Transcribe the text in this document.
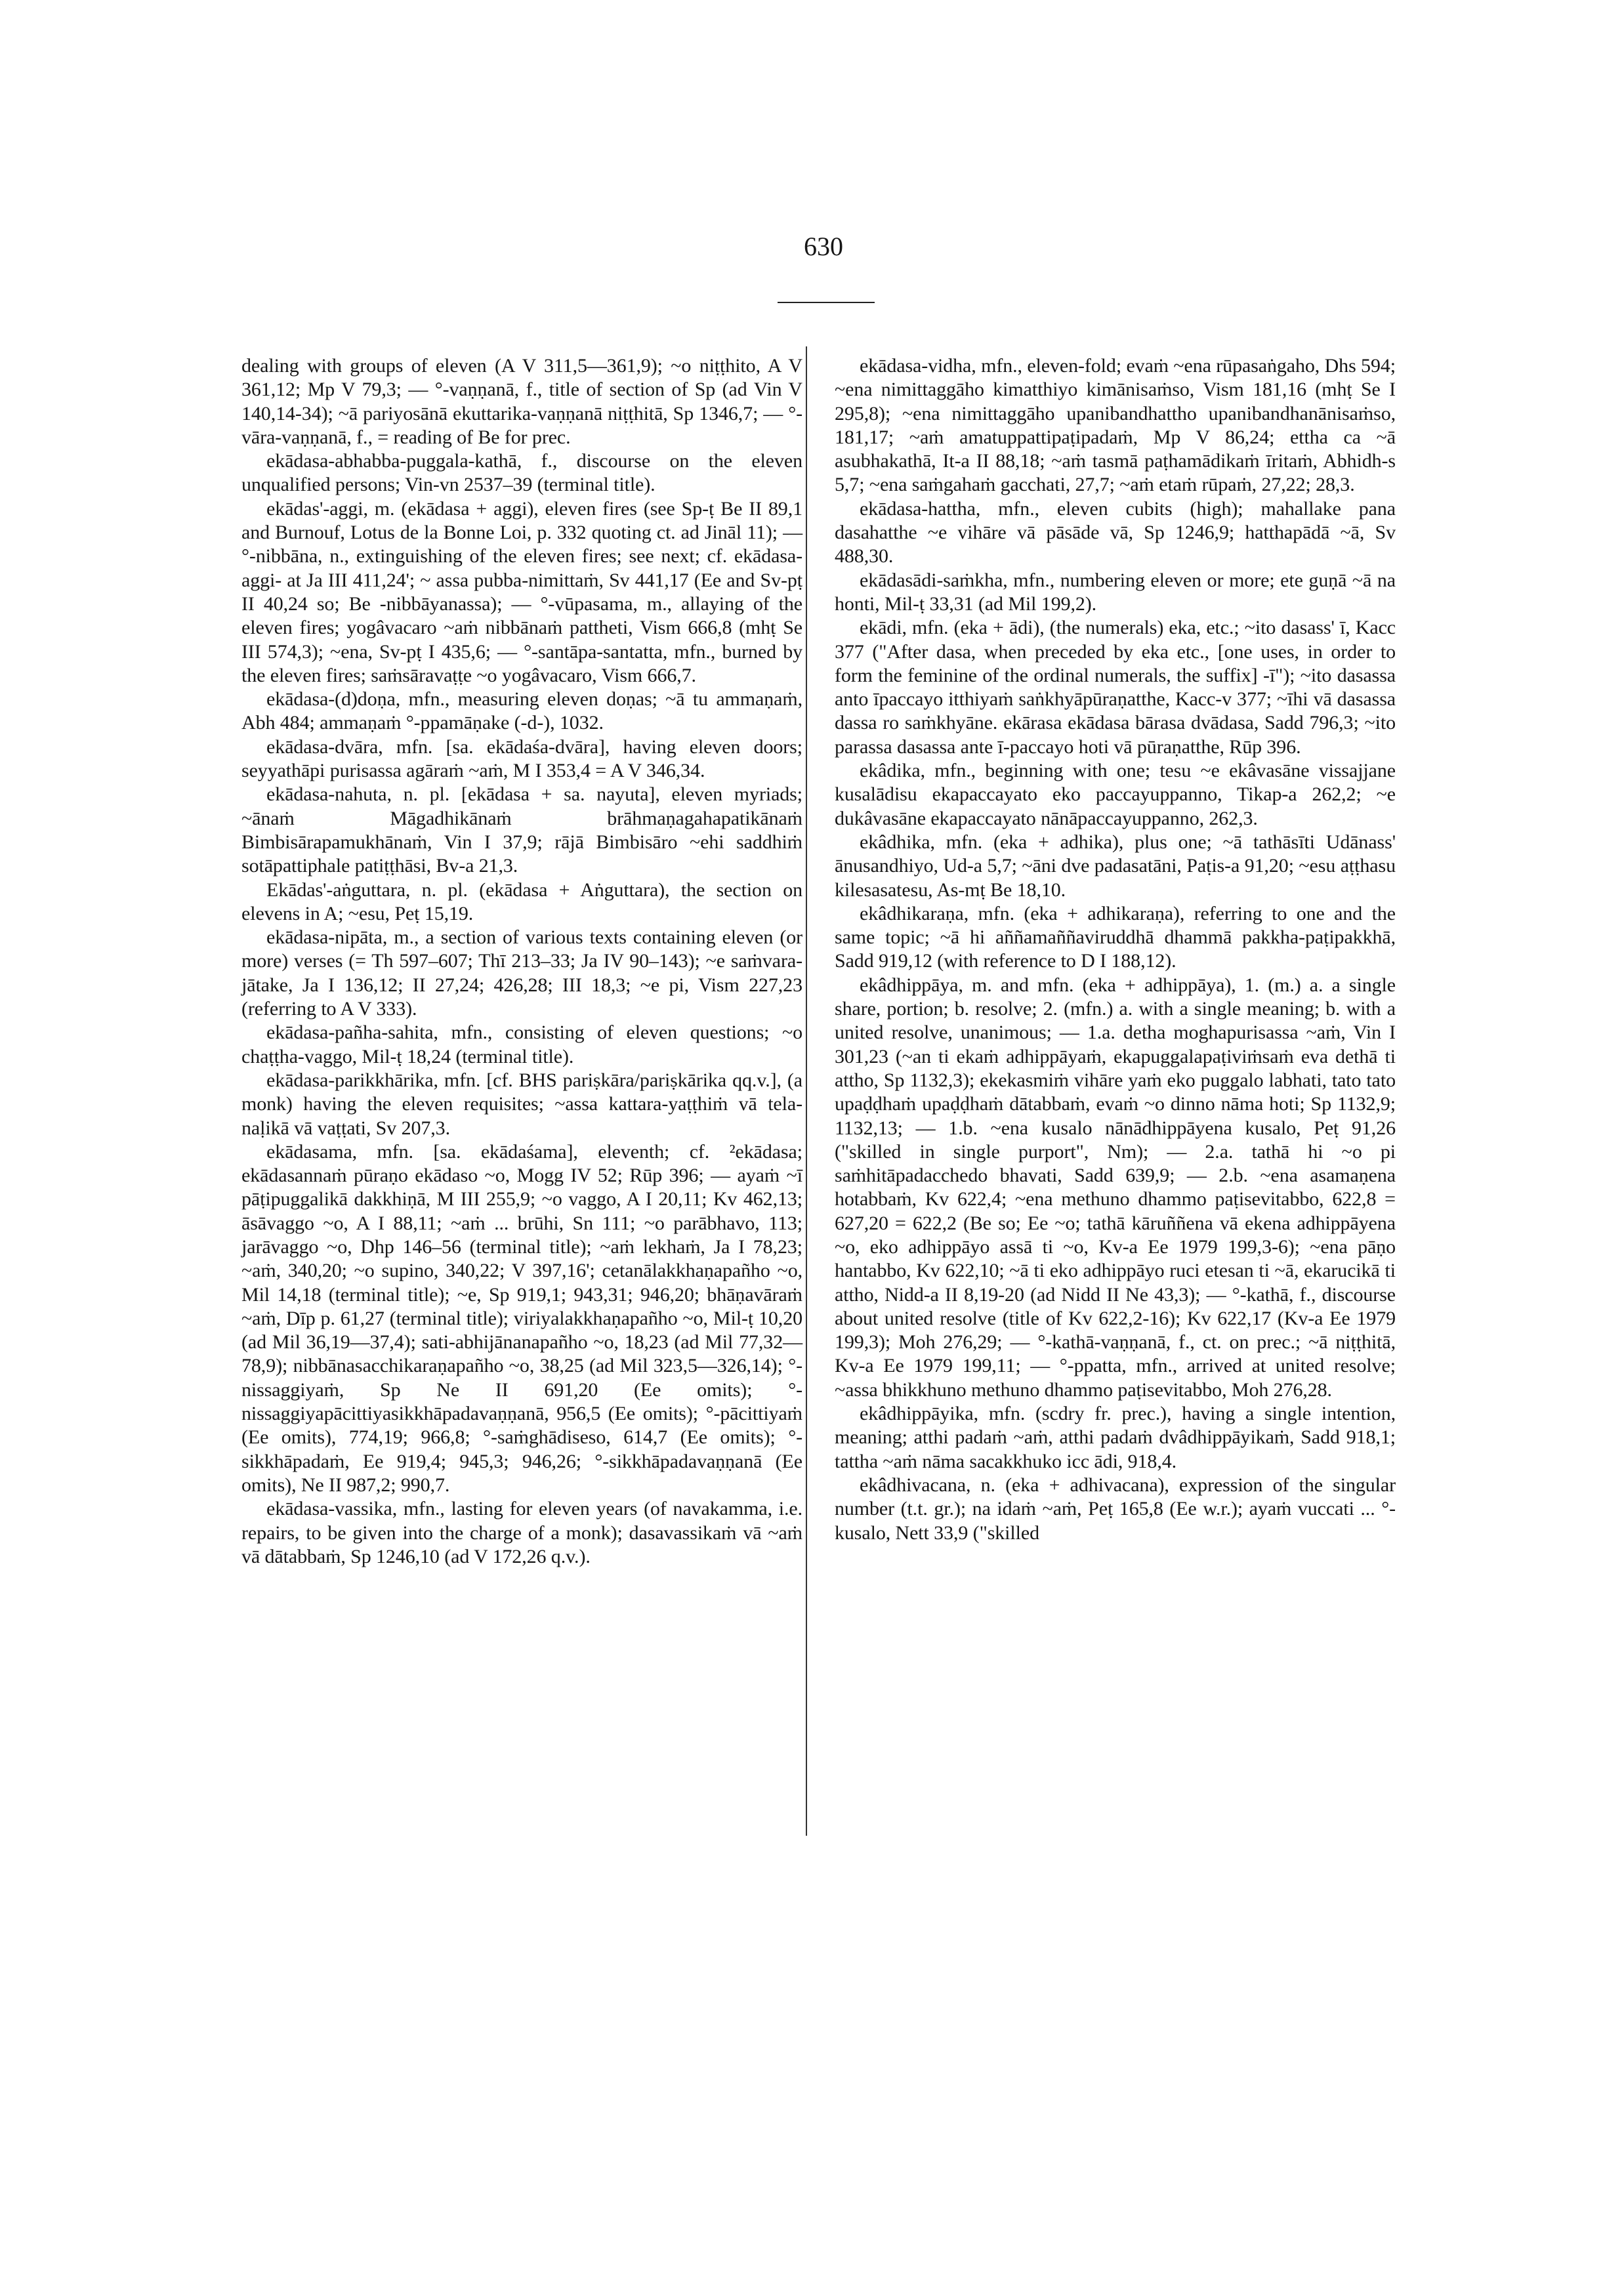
630

dealing with groups of eleven (A V 311,5—361,9); ~o niṭṭhito, A V 361,12; Mp V 79,3; — °-vaṇṇanā, f., title of section of Sp (ad Vin V 140,14-34); ~ā pariyosānā ekuttarika-vaṇṇanā niṭṭhitā, Sp 1346,7; — °-vāra-vaṇṇanā, f., = reading of Be for prec.

ekādasa-abhabba-puggala-kathā, f., discourse on the eleven unqualified persons; Vin-vn 2537–39 (terminal title).

ekādas'-aggi, m. (ekādasa + aggi), eleven fires (see Sp-ṭ Be II 89,1 and Burnouf, Lotus de la Bonne Loi, p. 332 quoting ct. ad Jināl 11); — °-nibbāna, n., extinguishing of the eleven fires; see next; cf. ekādasa-aggi- at Ja III 411,24'; ~ assa pubba-nimittaṁ, Sv 441,17 (Ee and Sv-pṭ II 40,24 so; Be -nibbāyanassa); — °-vūpasama, m., allaying of the eleven fires; yogâvacaro ~aṁ nibbānaṁ pattheti, Vism 666,8 (mhṭ Se III 574,3); ~ena, Sv-pṭ I 435,6; — °-santāpa-santatta, mfn., burned by the eleven fires; saṁsāravaṭṭe ~o yogâvacaro, Vism 666,7.

ekādasa-(d)doṇa, mfn., measuring eleven doṇas; ~ā tu ammaṇaṁ, Abh 484; ammaṇaṁ °-ppamāṇake (-d-), 1032.

ekādasa-dvāra, mfn. [sa. ekādaśa-dvāra], having eleven doors; seyyathāpi purisassa agāraṁ ~aṁ, M I 353,4 = A V 346,34.

ekādasa-nahuta, n. pl. [ekādasa + sa. nayuta], eleven myriads; ~ānaṁ Māgadhikānaṁ brāhmaṇagahapatikānaṁ Bimbisārapamukhānaṁ, Vin I 37,9; rājā Bimbisāro ~ehi saddhiṁ sotāpattiphale patiṭṭhāsi, Bv-a 21,3.

Ekādas'-aṅguttara, n. pl. (ekādasa + Aṅguttara), the section on elevens in A; ~esu, Peṭ 15,19.

ekādasa-nipāta, m., a section of various texts containing eleven (or more) verses (= Th 597–607; Thī 213–33; Ja IV 90–143); ~e saṁvara-jātake, Ja I 136,12; II 27,24; 426,28; III 18,3; ~e pi, Vism 227,23 (referring to A V 333).

ekādasa-pañha-sahita, mfn., consisting of eleven questions; ~o chaṭṭha-vaggo, Mil-ṭ 18,24 (terminal title).

ekādasa-parikkhārika, mfn. [cf. BHS pariṣkāra/pariṣkārika qq.v.], (a monk) having the eleven requisites; ~assa kattara-yaṭṭhiṁ vā tela-naḷikā vā vaṭṭati, Sv 207,3.

ekādasama, mfn. [sa. ekādaśama], eleventh; cf. ²ekādasa; ekādasannaṁ pūraṇo ekādaso ~o, Mogg IV 52; Rūp 396; — ayaṁ ~ī pāṭipuggalikā dakkhiṇā, M III 255,9; ~o vaggo, A I 20,11; Kv 462,13; āsāvaggo ~o, A I 88,11; ~aṁ ... brūhi, Sn 111; ~o parābhavo, 113; jarāvaggo ~o, Dhp 146–56 (terminal title); ~aṁ lekhaṁ, Ja I 78,23; ~aṁ, 340,20; ~o supino, 340,22; V 397,16'; cetanālakkhaṇapañho ~o, Mil 14,18 (terminal title); ~e, Sp 919,1; 943,31; 946,20; bhāṇavāraṁ ~aṁ, Dīp p. 61,27 (terminal title); viriyalakkhaṇapañho ~o, Mil-ṭ 10,20 (ad Mil 36,19—37,4); sati-abhijānanapañho ~o, 18,23 (ad Mil 77,32—78,9); nibbānasacchikaraṇapañho ~o, 38,25 (ad Mil 323,5—326,14); °-nissaggiyaṁ, Sp Ne II 691,20 (Ee omits); °-nissaggiyapācittiyasikkhāpadavaṇṇanā, 956,5 (Ee omits); °-pācittiyaṁ (Ee omits), 774,19; 966,8; °-saṁghādiseso, 614,7 (Ee omits); °-sikkhāpadaṁ, Ee 919,4; 945,3; 946,26; °-sikkhāpadavaṇṇanā (Ee omits), Ne II 987,2; 990,7.

ekādasa-vassika, mfn., lasting for eleven years (of navakamma, i.e. repairs, to be given into the charge of a monk); dasavassikaṁ vā ~aṁ vā dātabbaṁ, Sp 1246,10 (ad V 172,26 q.v.).

ekādasa-vidha, mfn., eleven-fold; evaṁ ~ena rūpasaṅgaho, Dhs 594; ~ena nimittaggāho kimatthiyo kimānisaṁso, Vism 181,16 (mhṭ Se I 295,8); ~ena nimittaggāho upanibandhattho upanibandhanānisaṁso, 181,17; ~aṁ amatuppattipaṭipadaṁ, Mp V 86,24; ettha ca ~ā asubhakathā, It-a II 88,18; ~aṁ tasmā paṭhamādikaṁ īritaṁ, Abhidh-s 5,7; ~ena saṁgahaṁ gacchati, 27,7; ~aṁ etaṁ rūpaṁ, 27,22; 28,3.

ekādasa-hattha, mfn., eleven cubits (high); mahallake pana dasahatthe ~e vihāre vā pāsāde vā, Sp 1246,9; hatthapādā ~ā, Sv 488,30.

ekādasādi-saṁkha, mfn., numbering eleven or more; ete guṇā ~ā na honti, Mil-ṭ 33,31 (ad Mil 199,2).

ekādi, mfn. (eka + ādi), (the numerals) eka, etc.; ~ito dasass' ī, Kacc 377 ("After dasa, when preceded by eka etc., [one uses, in order to form the feminine of the ordinal numerals, the suffix] -ī"); ~ito dasassa anto īpaccayo itthiyaṁ saṅkhyāpūraṇatthe, Kacc-v 377; ~īhi vā dasassa dassa ro saṁkhyāne. ekārasa ekādasa bārasa dvādasa, Sadd 796,3; ~ito parassa dasassa ante ī-paccayo hoti vā pūraṇatthe, Rūp 396.

ekâdika, mfn., beginning with one; tesu ~e ekâvasāne vissajjane kusalādisu ekapaccayato eko paccayuppanno, Tikap-a 262,2; ~e dukâvasāne ekapaccayato nānāpaccayuppanno, 262,3.

ekâdhika, mfn. (eka + adhika), plus one; ~ā tathāsīti Udānass' ānusandhiyo, Ud-a 5,7; ~āni dve padasatāni, Paṭis-a 91,20; ~esu aṭṭhasu kilesasatesu, As-mṭ Be 18,10.

ekâdhikaraṇa, mfn. (eka + adhikaraṇa), referring to one and the same topic; ~ā hi aññamaññaviruddhā dhammā pakkha-paṭipakkhā, Sadd 919,12 (with reference to D I 188,12).

ekâdhippāya, m. and mfn. (eka + adhippāya), 1. (m.) a. a single share, portion; b. resolve; 2. (mfn.) a. with a single meaning; b. with a united resolve, unanimous; — 1.a. detha moghapurisassa ~aṁ, Vin I 301,23 (~an ti ekaṁ adhippāyaṁ, ekapuggalapaṭiviṁsaṁ eva dethā ti attho, Sp 1132,3); ekekasmiṁ vihāre yaṁ eko puggalo labhati, tato tato upaḍḍhaṁ upaḍḍhaṁ dātabbaṁ, evaṁ ~o dinno nāma hoti; Sp 1132,9; 1132,13; — 1.b. ~ena kusalo nānādhippāyena kusalo, Peṭ 91,26 ("skilled in single purport", Nm); — 2.a. tathā hi ~o pi saṁhitāpadacchedo bhavati, Sadd 639,9; — 2.b. ~ena asamaṇena hotabbaṁ, Kv 622,4; ~ena methuno dhammo paṭisevitabbo, 622,8 = 627,20 = 622,2 (Be so; Ee ~o; tathā kāruññena vā ekena adhippāyena ~o, eko adhippāyo assā ti ~o, Kv-a Ee 1979 199,3-6); ~ena pāṇo hantabbo, Kv 622,10; ~ā ti eko adhippāyo ruci etesan ti ~ā, ekarucikā ti attho, Nidd-a II 8,19-20 (ad Nidd II Ne 43,3); — °-kathā, f., discourse about united resolve (title of Kv 622,2-16); Kv 622,17 (Kv-a Ee 1979 199,3); Moh 276,29; — °-kathā-vaṇṇanā, f., ct. on prec.; ~ā niṭṭhitā, Kv-a Ee 1979 199,11; — °-ppatta, mfn., arrived at united resolve; ~assa bhikkhuno methuno dhammo paṭisevitabbo, Moh 276,28.

ekâdhippāyika, mfn. (scdry fr. prec.), having a single intention, meaning; atthi padaṁ ~aṁ, atthi padaṁ dvâdhippāyikaṁ, Sadd 918,1; tattha ~aṁ nāma sacakkhuko icc ādi, 918,4.

ekâdhivacana, n. (eka + adhivacana), expression of the singular number (t.t. gr.); na idaṁ ~aṁ, Peṭ 165,8 (Ee w.r.); ayaṁ vuccati ... °-kusalo, Nett 33,9 ("skilled
